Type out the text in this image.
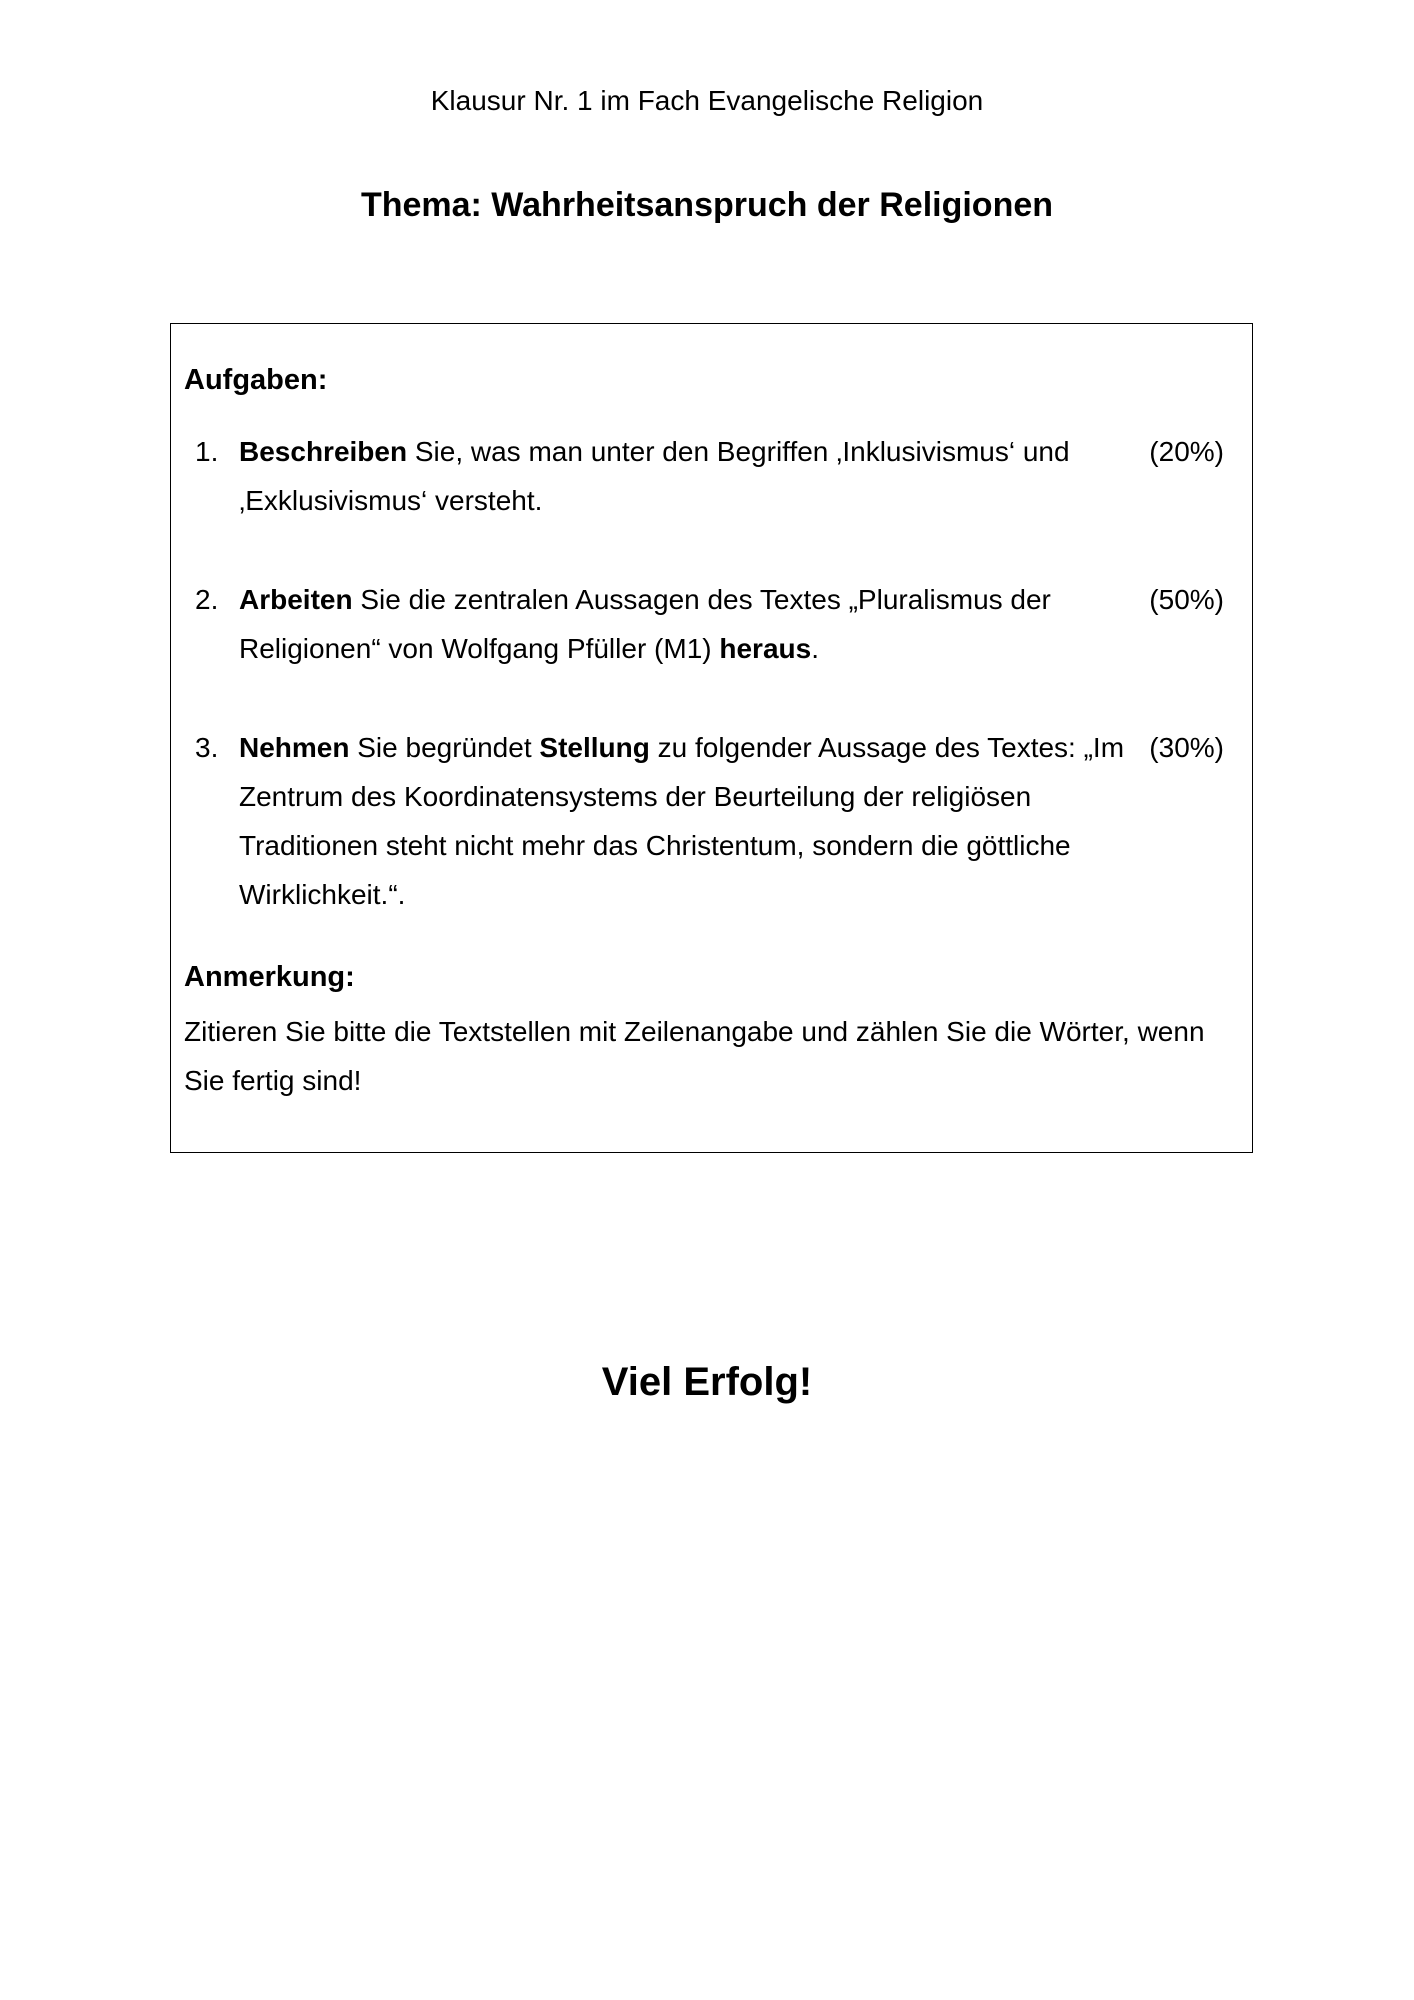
Klausur Nr. 1 im Fach Evangelische Religion
Thema: Wahrheitsanspruch der Religionen
Aufgaben:
1. Beschreiben Sie, was man unter den Begriffen ‚Inklusivismus‘ und ‚Exklusivismus‘ versteht.
(20%)
2. Arbeiten Sie die zentralen Aussagen des Textes „Pluralismus der Religionen“ von Wolfgang Pfüller (M1) heraus.
(50%)
3. Nehmen Sie begründet Stellung zu folgender Aussage des Textes: „Im Zentrum des Koordinatensystems der Beurteilung der religiösen Traditionen steht nicht mehr das Christentum, sondern die göttliche Wirklichkeit.“.
(30%)
Anmerkung:
Zitieren Sie bitte die Textstellen mit Zeilenangabe und zählen Sie die Wörter, wenn Sie fertig sind!
Viel Erfolg!
